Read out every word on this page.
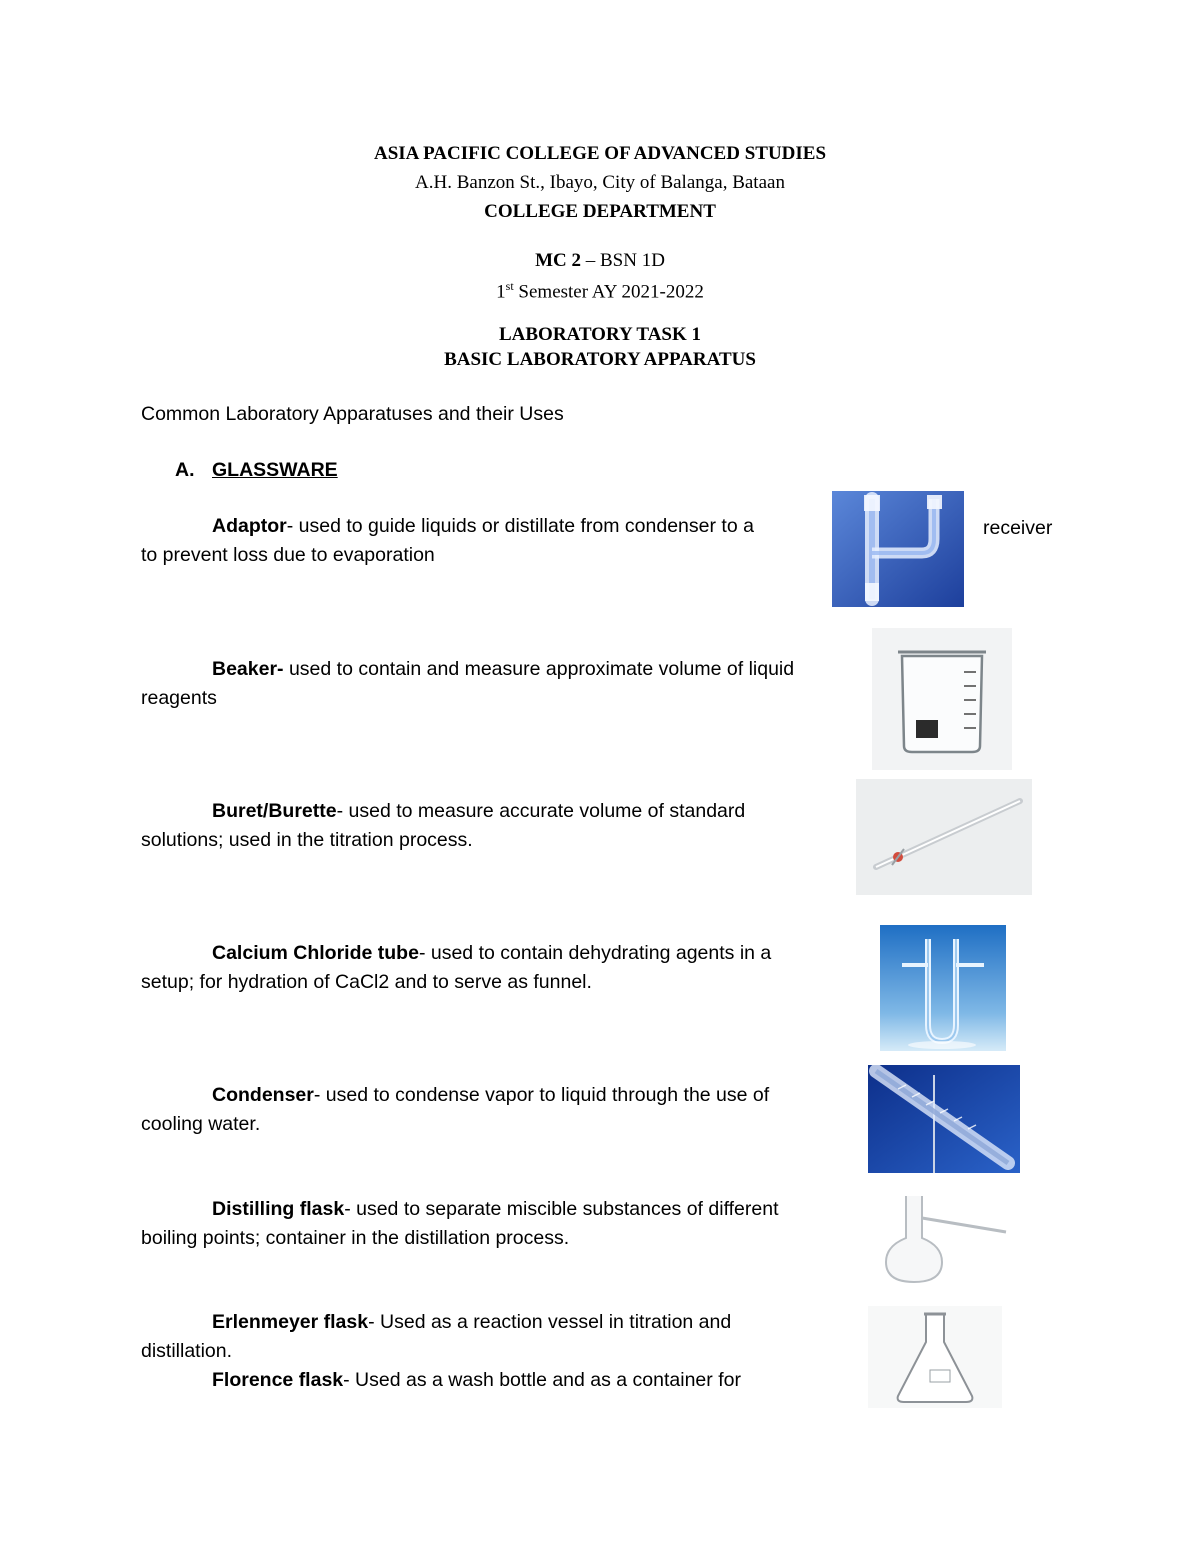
ASIA PACIFIC COLLEGE OF ADVANCED STUDIES
A.H. Banzon St., Ibayo, City of Balanga, Bataan
COLLEGE DEPARTMENT
MC 2 – BSN 1D
1st Semester AY 2021-2022
LABORATORY TASK 1
BASIC LABORATORY APPARATUS
Common Laboratory Apparatuses and their Uses
A. GLASSWARE
Adaptor- used to guide liquids or distillate from condenser to a
to prevent loss due to evaporation
receiver
Beaker- used to contain and measure approximate volume of liquid
reagents
Buret/Burette- used to measure accurate volume of standard
solutions; used in the titration process.
Calcium Chloride tube- used to contain dehydrating agents in a
setup; for hydration of CaCl2 and to serve as funnel.
Condenser- used to condense vapor to liquid through the use of
cooling water.
Distilling flask- used to separate miscible substances of different
boiling points; container in the distillation process.
Erlenmeyer flask- Used as a reaction vessel in titration and
distillation.
Florence flask- Used as a wash bottle and as a container for
